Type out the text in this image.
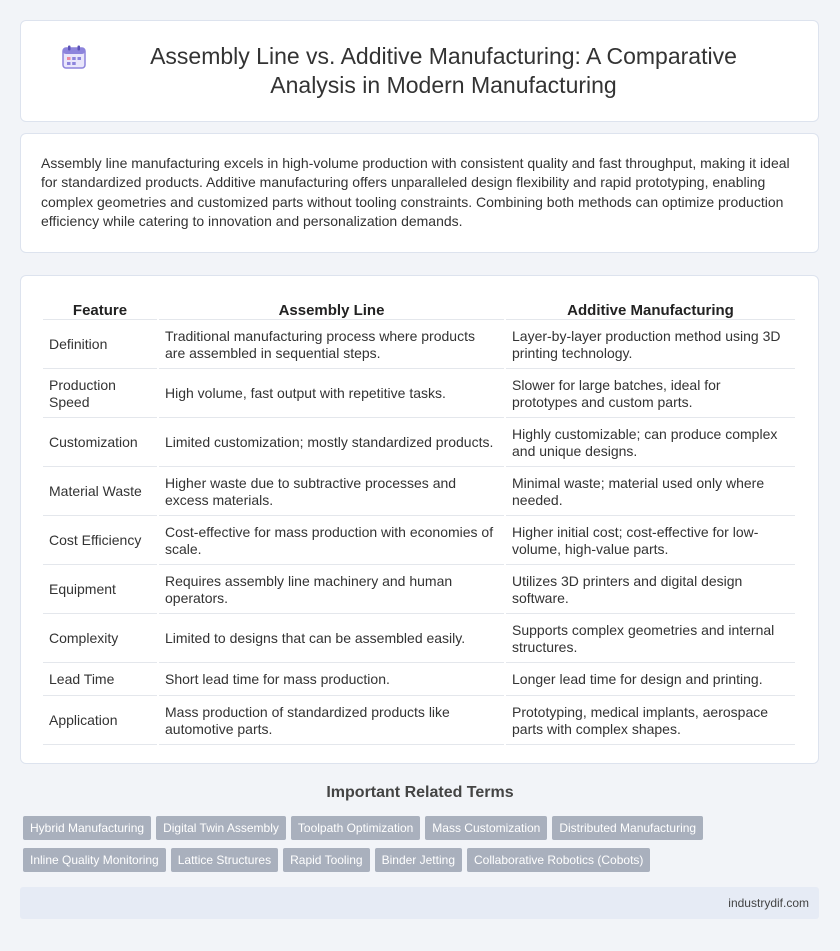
Assembly Line vs. Additive Manufacturing: A Comparative Analysis in Modern Manufacturing

Assembly line manufacturing excels in high-volume production with consistent quality and fast throughput, making it ideal for standardized products. Additive manufacturing offers unparalleled design flexibility and rapid prototyping, enabling complex geometries and customized parts without tooling constraints. Combining both methods can optimize production efficiency while catering to innovation and personalization demands.

Feature	Assembly Line	Additive Manufacturing
Definition	Traditional manufacturing process where products are assembled in sequential steps.	Layer-by-layer production method using 3D printing technology.
Production Speed	High volume, fast output with repetitive tasks.	Slower for large batches, ideal for prototypes and custom parts.
Customization	Limited customization; mostly standardized products.	Highly customizable; can produce complex and unique designs.
Material Waste	Higher waste due to subtractive processes and excess materials.	Minimal waste; material used only where needed.
Cost Efficiency	Cost-effective for mass production with economies of scale.	Higher initial cost; cost-effective for low-volume, high-value parts.
Equipment	Requires assembly line machinery and human operators.	Utilizes 3D printers and digital design software.
Complexity	Limited to designs that can be assembled easily.	Supports complex geometries and internal structures.
Lead Time	Short lead time for mass production.	Longer lead time for design and printing.
Application	Mass production of standardized products like automotive parts.	Prototyping, medical implants, aerospace parts with complex shapes.
Important Related Terms
Hybrid Manufacturing Digital Twin Assembly Toolpath Optimization Mass Customization Distributed Manufacturing
Inline Quality Monitoring Lattice Structures Rapid Tooling Binder Jetting Collaborative Robotics (Cobots)
industrydif.com
